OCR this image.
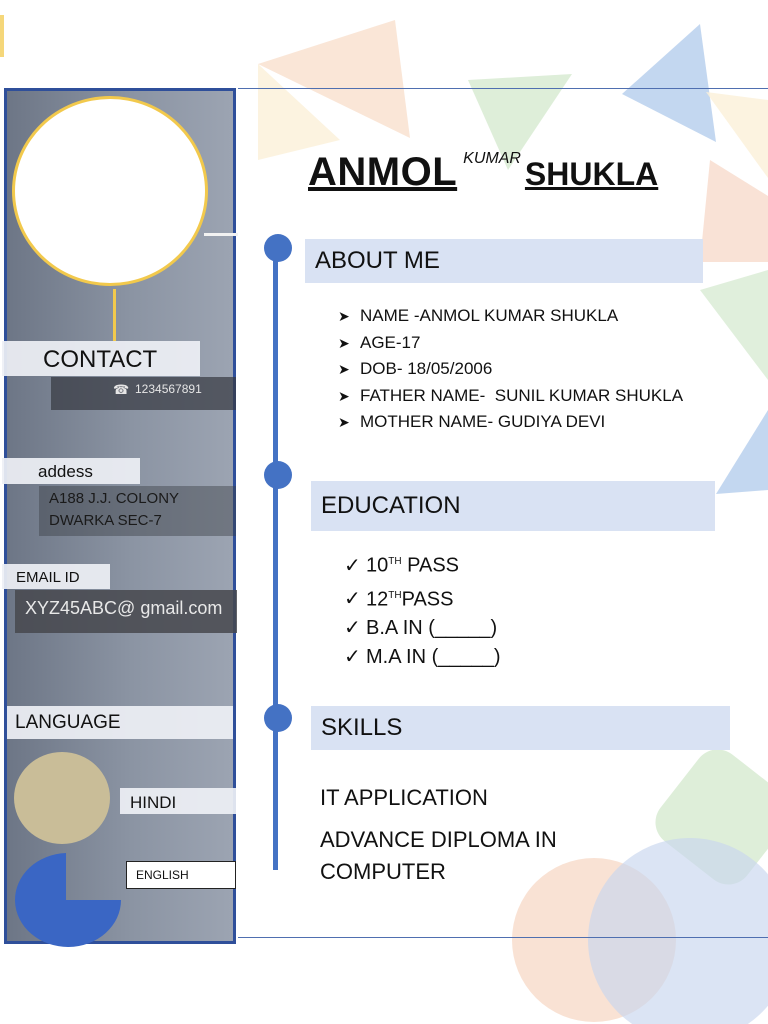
CONTACT
☎ 1234567891
addess
A188 J.J. COLONY
DWARKA SEC-7
EMAIL ID
XYZ45ABC@ gmail.com
LANGUAGE
HINDI
ENGLISH
ANMOL KUMAR SHUKLA
ABOUT ME
➤ NAME -ANMOL KUMAR SHUKLA
➤ AGE-17
➤ DOB- 18/05/2006
➤ FATHER NAME-  SUNIL KUMAR SHUKLA
➤ MOTHER NAME- GUDIYA DEVI
EDUCATION
✓ 10TH PASS
✓ 12THPASS
✓ B.A IN (_____)
✓ M.A IN (_____)
SKILLS
IT APPLICATION
ADVANCE DIPLOMA IN
COMPUTER
